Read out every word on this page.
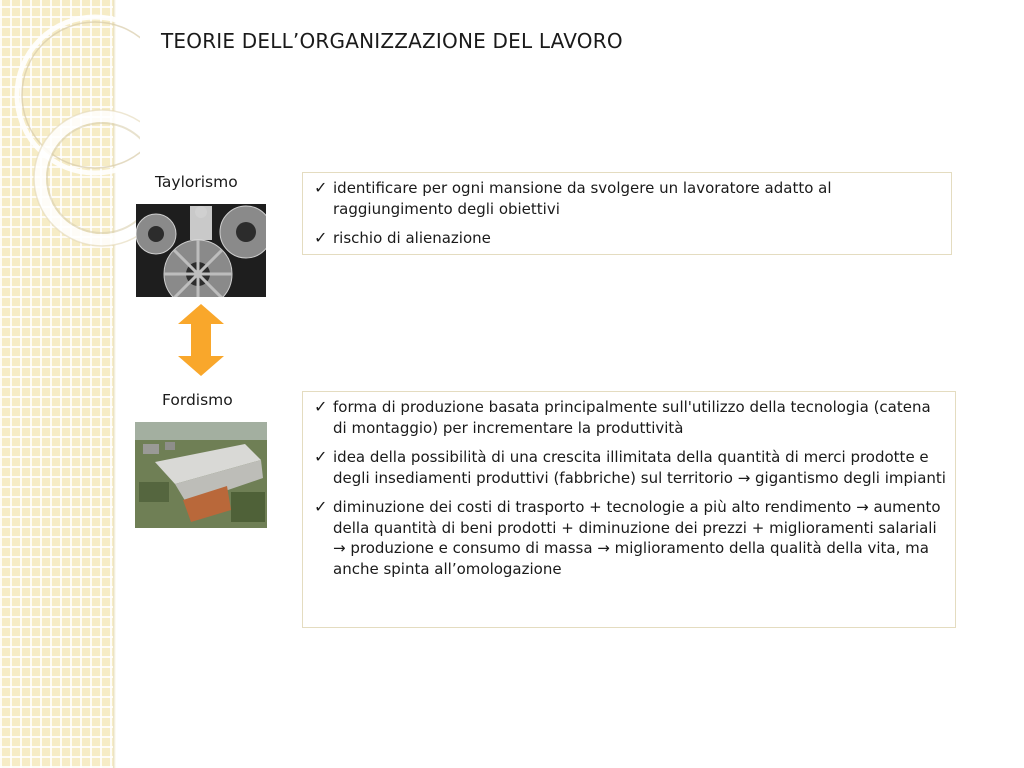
TEORIE DELL’ORGANIZZAZIONE DEL LAVORO
Taylorismo
Fordismo
✓ identificare per ogni mansione da svolgere un lavoratore adatto al raggiungimento degli obiettivi
✓ rischio di alienazione
✓ forma di produzione basata principalmente sull'utilizzo della tecnologia (catena di montaggio) per incrementare la produttività
✓ idea della possibilità di una crescita illimitata della quantità di merci prodotte e degli insediamenti produttivi (fabbriche) sul territorio → gigantismo degli impianti
✓ diminuzione dei costi di trasporto + tecnologie a più alto rendimento → aumento della quantità di beni prodotti + diminuzione dei prezzi + miglioramenti salariali → produzione e consumo di massa → miglioramento della qualità della vita, ma anche spinta all’omologazione
